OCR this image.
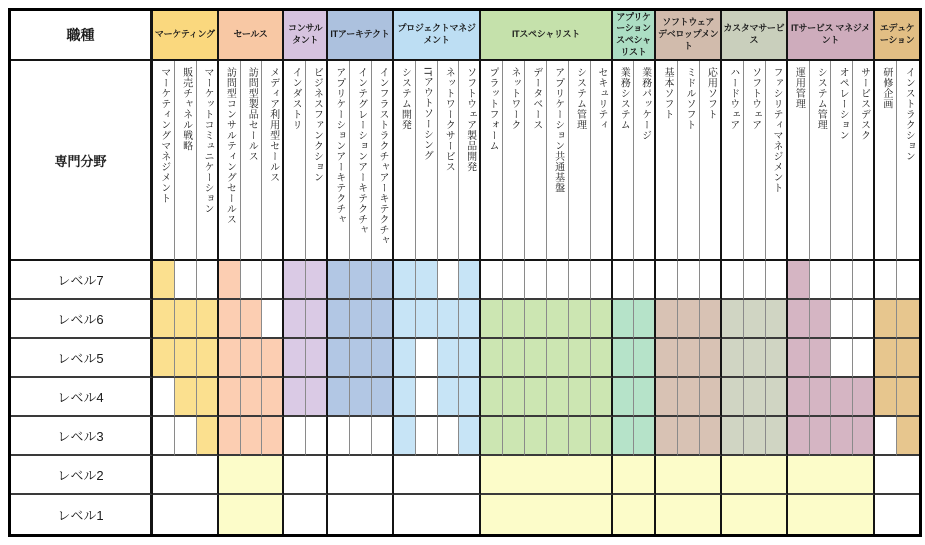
職種
専門分野
レベル7
レベル6
レベル5
レベル4
レベル3
レベル2
レベル1
マーケティング
マーケティングマネジメント 販売チャネル戦略 マーケットコミュニケーション
セールス
訪問型コンサルティングセールス 訪問型製品セールス メディア利用型セールス
コンサルタント
インダストリ ビジネスファンクション
ITアーキテクト
アプリケーションアーキテクチャ インテグレーションアーキテクチャ インフラストラクチャアーキテクチャ
プロジェクトマネジメント
システム開発 ITアウトソーシング ネットワークサービス ソフトウェア製品開発
ITスペシャリスト
プラットフォーム ネットワーク データベース アプリケーション共通基盤 システム管理 セキュリティ
アプリケーションスペシャリスト
業務システム 業務パッケージ
ソフトウェア デベロップメント
基本ソフト ミドルソフト 応用ソフト
カスタマサービス
ハードウェア ソフトウェア ファシリティマネジメント
ITサービス マネジメント
運用管理 システム管理 オペレーション サービスデスク
エデュケーション
研修企画 インストラクション
